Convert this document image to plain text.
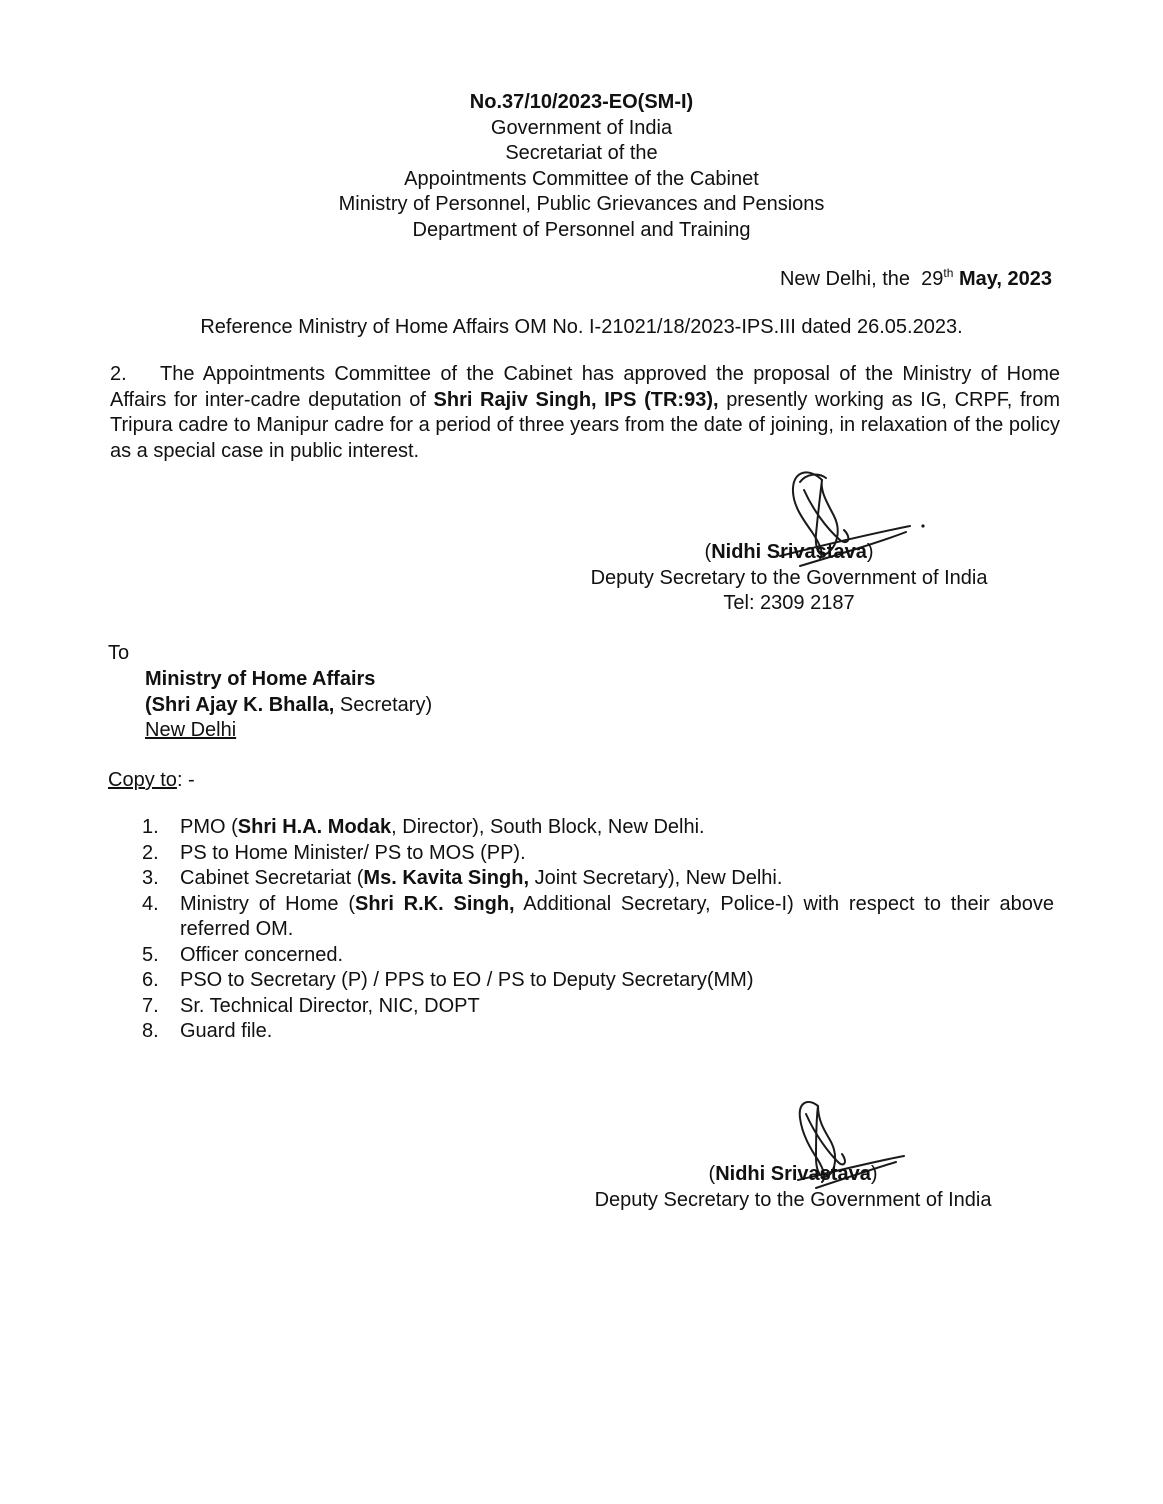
No.37/10/2023-EO(SM-I)
Government of India
Secretariat of the
Appointments Committee of the Cabinet
Ministry of Personnel, Public Grievances and Pensions
Department of Personnel and Training
New Delhi, the 29th May, 2023
Reference Ministry of Home Affairs OM No. I-21021/18/2023-IPS.III dated 26.05.2023.
2. The Appointments Committee of the Cabinet has approved the proposal of the Ministry of Home Affairs for inter-cadre deputation of Shri Rajiv Singh, IPS (TR:93), presently working as IG, CRPF, from Tripura cadre to Manipur cadre for a period of three years from the date of joining, in relaxation of the policy as a special case in public interest.
(Nidhi Srivastava)
Deputy Secretary to the Government of India
Tel: 2309 2187
To
Ministry of Home Affairs
(Shri Ajay K. Bhalla, Secretary)
New Delhi
Copy to: -
1. PMO (Shri H.A. Modak, Director), South Block, New Delhi.
2. PS to Home Minister/ PS to MOS (PP).
3. Cabinet Secretariat (Ms. Kavita Singh, Joint Secretary), New Delhi.
4. Ministry of Home (Shri R.K. Singh, Additional Secretary, Police-I) with respect to their above referred OM.
5. Officer concerned.
6. PSO to Secretary (P) / PPS to EO / PS to Deputy Secretary(MM)
7. Sr. Technical Director, NIC, DOPT
8. Guard file.
(Nidhi Srivastava)
Deputy Secretary to the Government of India
